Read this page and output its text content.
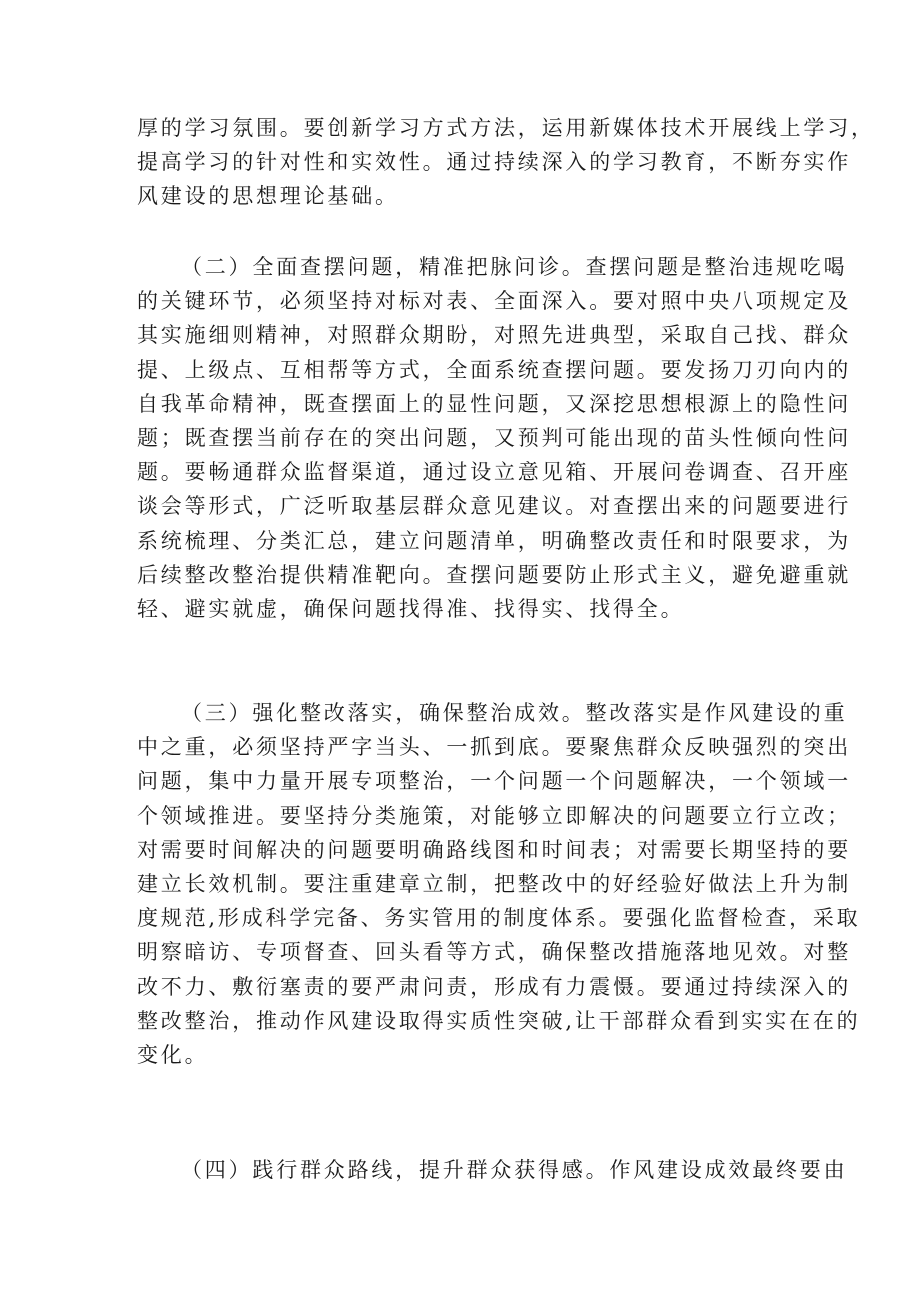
厚的学习氛围。要创新学习方式方法，运用新媒体技术开展线上学习，
提高学习的针对性和实效性。通过持续深入的学习教育，不断夯实作
风建设的思想理论基础。
（二）全面查摆问题，精准把脉问诊。查摆问题是整治违规吃喝
的关键环节，必须坚持对标对表、全面深入。要对照中央八项规定及
其实施细则精神，对照群众期盼，对照先进典型，采取自己找、群众
提、上级点、互相帮等方式，全面系统查摆问题。要发扬刀刃向内的
自我革命精神，既查摆面上的显性问题，又深挖思想根源上的隐性问
题；既查摆当前存在的突出问题，又预判可能出现的苗头性倾向性问
题。要畅通群众监督渠道，通过设立意见箱、开展问卷调查、召开座
谈会等形式，广泛听取基层群众意见建议。对查摆出来的问题要进行
系统梳理、分类汇总，建立问题清单，明确整改责任和时限要求，为
后续整改整治提供精准靶向。查摆问题要防止形式主义，避免避重就
轻、避实就虚，确保问题找得准、找得实、找得全。
（三）强化整改落实，确保整治成效。整改落实是作风建设的重
中之重，必须坚持严字当头、一抓到底。要聚焦群众反映强烈的突出
问题，集中力量开展专项整治，一个问题一个问题解决，一个领域一
个领域推进。要坚持分类施策，对能够立即解决的问题要立行立改；
对需要时间解决的问题要明确路线图和时间表；对需要长期坚持的要
建立长效机制。要注重建章立制，把整改中的好经验好做法上升为制
度规范,形成科学完备、务实管用的制度体系。要强化监督检查，采取
明察暗访、专项督查、回头看等方式，确保整改措施落地见效。对整
改不力、敷衍塞责的要严肃问责，形成有力震慑。要通过持续深入的
整改整治，推动作风建设取得实质性突破,让干部群众看到实实在在的
变化。
（四）践行群众路线，提升群众获得感。作风建设成效最终要由
